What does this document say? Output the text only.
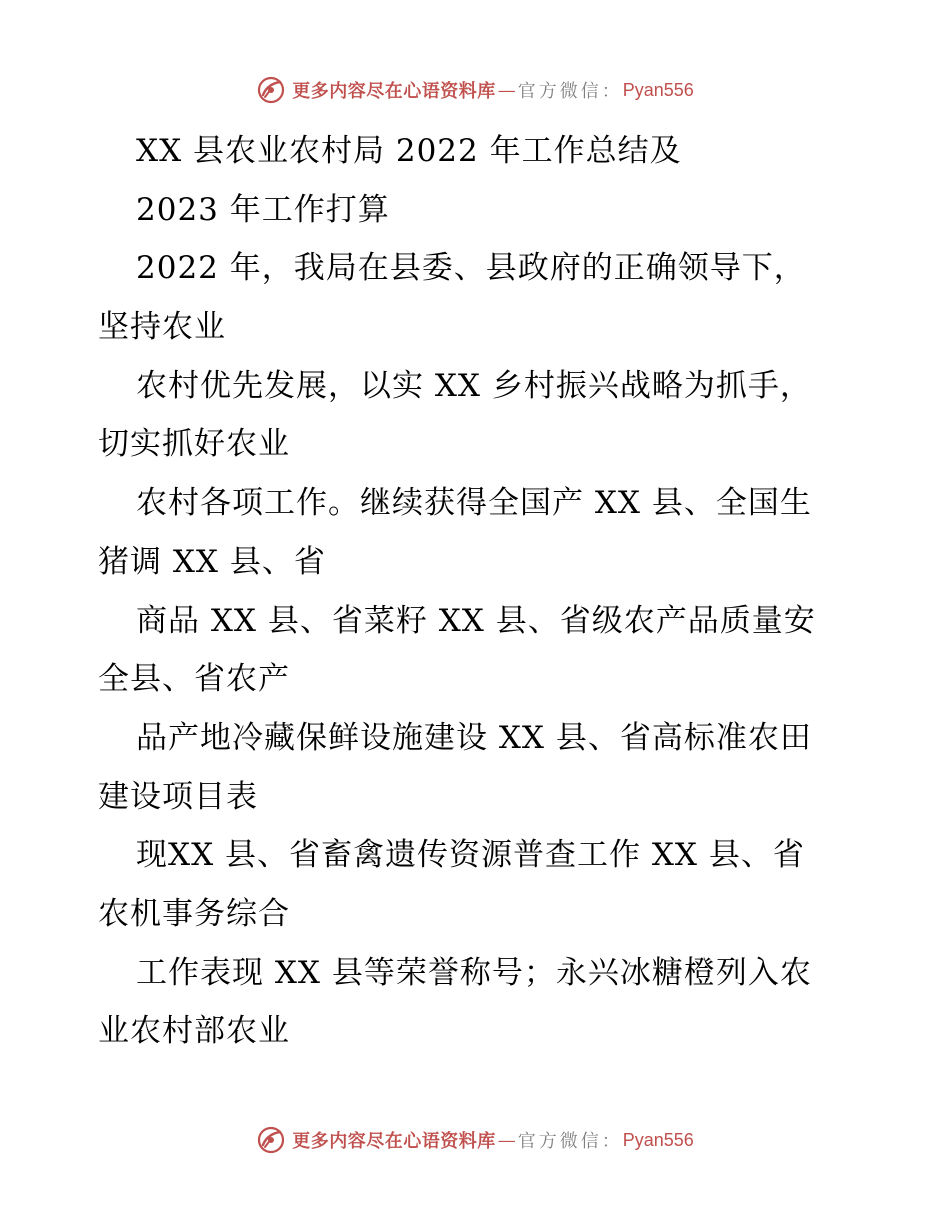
更多内容尽在心语资料库 — 官方微信： Pyan556
XX 县农业农村局 2022 年工作总结及
2023 年工作打算
2022 年，我局在县委、县政府的正确领导下，
坚持农业
农村优先发展，以实 XX 乡村振兴战略为抓手，
切实抓好农业
农村各项工作。继续获得全国产 XX 县、全国生
猪调 XX 县、省
商品 XX 县、省菜籽 XX 县、省级农产品质量安
全县、省农产
品产地冷藏保鲜设施建设 XX 县、省高标准农田
建设项目表
现XX 县、省畜禽遗传资源普查工作 XX 县、省
农机事务综合
工作表现 XX 县等荣誉称号；永兴冰糖橙列入农
业农村部农业
更多内容尽在心语资料库 — 官方微信： Pyan556
